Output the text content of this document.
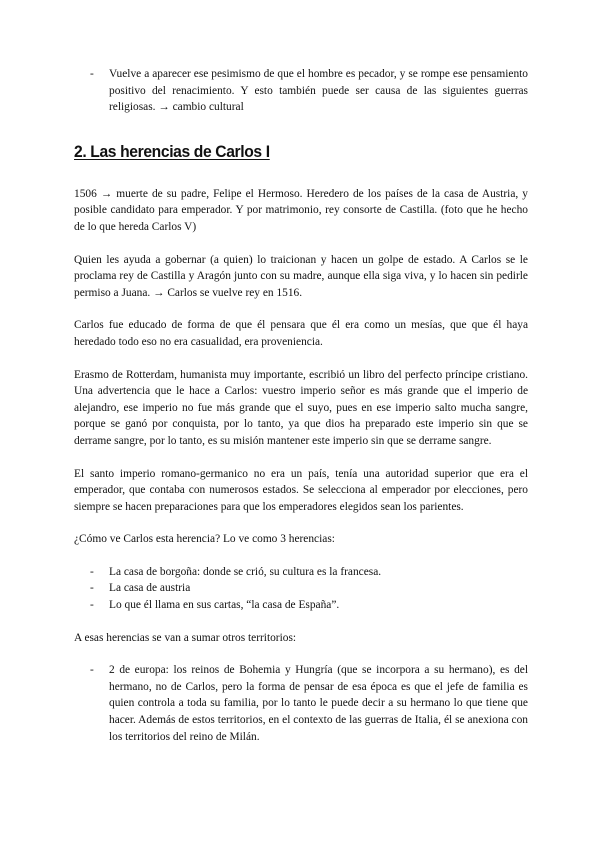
- Vuelve a aparecer ese pesimismo de que el hombre es pecador, y se rompe ese pensamiento positivo del renacimiento. Y esto también puede ser causa de las siguientes guerras religiosas. → cambio cultural
2. Las herencias de Carlos I

1506 → muerte de su padre, Felipe el Hermoso. Heredero de los países de la casa de Austria, y posible candidato para emperador. Y por matrimonio, rey consorte de Castilla. (foto que he hecho de lo que hereda Carlos V)

Quien les ayuda a gobernar (a quien) lo traicionan y hacen un golpe de estado. A Carlos se le proclama rey de Castilla y Aragón junto con su madre, aunque ella siga viva, y lo hacen sin pedirle permiso a Juana. → Carlos se vuelve rey en 1516.

Carlos fue educado de forma de que él pensara que él era como un mesías, que que él haya heredado todo eso no era casualidad, era proveniencia.

Erasmo de Rotterdam, humanista muy importante, escribió un libro del perfecto príncipe cristiano. Una advertencia que le hace a Carlos: vuestro imperio señor es más grande que el imperio de alejandro, ese imperio no fue más grande que el suyo, pues en ese imperio salto mucha sangre, porque se ganó por conquista, por lo tanto, ya que dios ha preparado este imperio sin que se derrame sangre, por lo tanto, es su misión mantener este imperio sin que se derrame sangre.

El santo imperio romano-germanico no era un país, tenía una autoridad superior que era el emperador, que contaba con numerosos estados. Se selecciona al emperador por elecciones, pero siempre se hacen preparaciones para que los emperadores elegidos sean los parientes.

¿Cómo ve Carlos esta herencia? Lo ve como 3 herencias:

- La casa de borgoña: donde se crió, su cultura es la francesa.
- La casa de austria
- Lo que él llama en sus cartas, “la casa de España”.

A esas herencias se van a sumar otros territorios:

- 2 de europa: los reinos de Bohemia y Hungría (que se incorpora a su hermano), es del hermano, no de Carlos, pero la forma de pensar de esa época es que el jefe de familia es quien controla a toda su familia, por lo tanto le puede decir a su hermano lo que tiene que hacer. Además de estos territorios, en el contexto de las guerras de Italia, él se anexiona con los territorios del reino de Milán.
